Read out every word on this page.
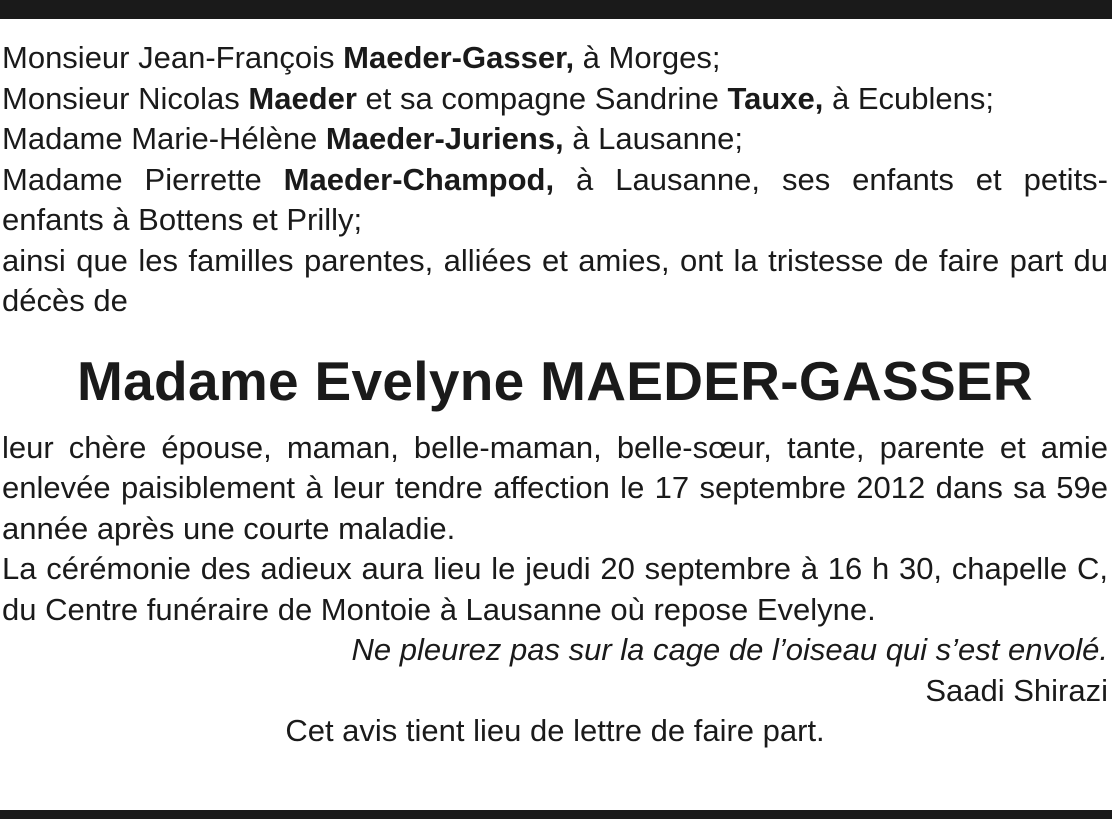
Monsieur Jean-François Maeder-Gasser, à Morges;

Monsieur Nicolas Maeder et sa compagne Sandrine Tauxe, à Ecublens;

Madame Marie-Hélène Maeder-Juriens, à Lausanne;

Madame Pierrette Maeder-Champod, à Lausanne, ses enfants et petits-

enfants à Bottens et Prilly;

ainsi que les familles parentes, alliées et amies, ont la tristesse de faire part du décès de

Madame Evelyne MAEDER-GASSER

leur chère épouse, maman, belle-maman, belle-sœur, tante, parente et amie enlevée paisiblement à leur tendre affection le 17 septembre 2012 dans sa 59e année après une courte maladie.

La cérémonie des adieux aura lieu le jeudi 20 septembre à 16 h 30, chapelle C, du Centre funéraire de Montoie à Lausanne où repose Evelyne.

Ne pleurez pas sur la cage de l’oiseau qui s’est envolé.

Saadi Shirazi

Cet avis tient lieu de lettre de faire part.
